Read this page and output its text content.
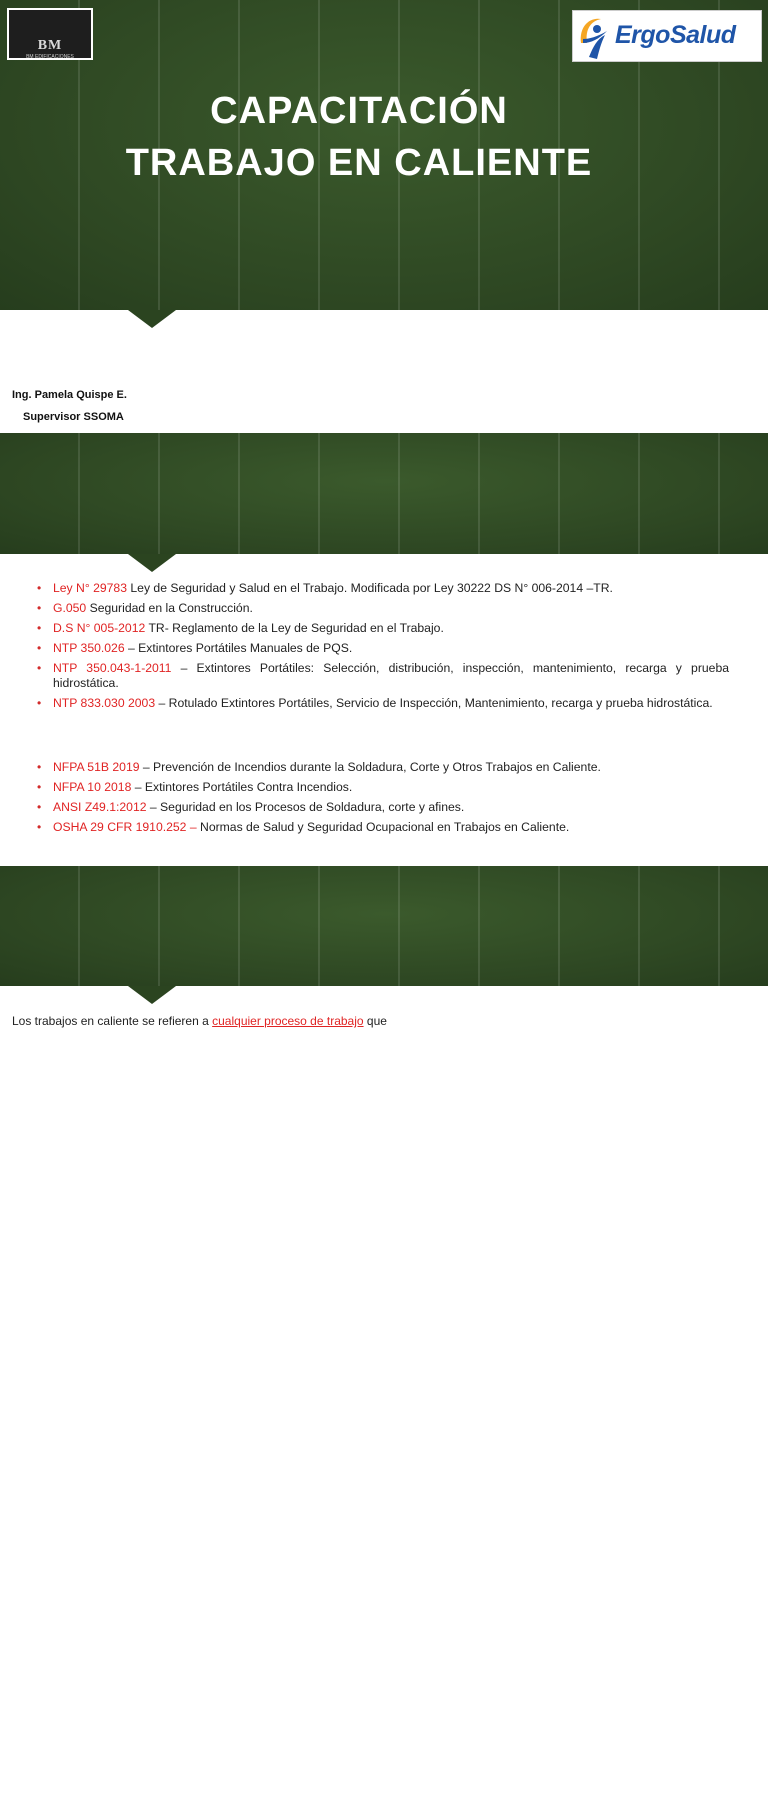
BM
BM EDIFICACIONES
ErgoSalud
CAPACITACIÓN
TRABAJO EN CALIENTE
Ing. Pamela Quispe E.
Supervisor SSOMA
• Ley N° 29783 Ley de Seguridad y Salud en el Trabajo. Modificada por Ley 30222 DS N° 006-2014 –TR.
• G.050 Seguridad en la Construcción.
• D.S N° 005-2012 TR- Reglamento de la Ley de Seguridad en el Trabajo.
• NTP 350.026 – Extintores Portátiles Manuales de PQS.
• NTP 350.043-1-2011 – Extintores Portátiles: Selección, distribución, inspección, mantenimiento, recarga y prueba hidrostática.
• NTP 833.030 2003 – Rotulado Extintores Portátiles, Servicio de Inspección, Mantenimiento, recarga y prueba hidrostática.
• NFPA 51B 2019 – Prevención de Incendios durante la Soldadura, Corte y Otros Trabajos en Caliente.
• NFPA 10 2018 – Extintores Portátiles Contra Incendios.
• ANSI Z49.1:2012 – Seguridad en los Procesos de Soldadura, corte y afines.
• OSHA 29 CFR 1910.252 – Normas de Salud y Seguridad Ocupacional en Trabajos en Caliente.
DEFINICIÓN
Los trabajos en caliente se refieren a cualquier proceso de trabajo que
